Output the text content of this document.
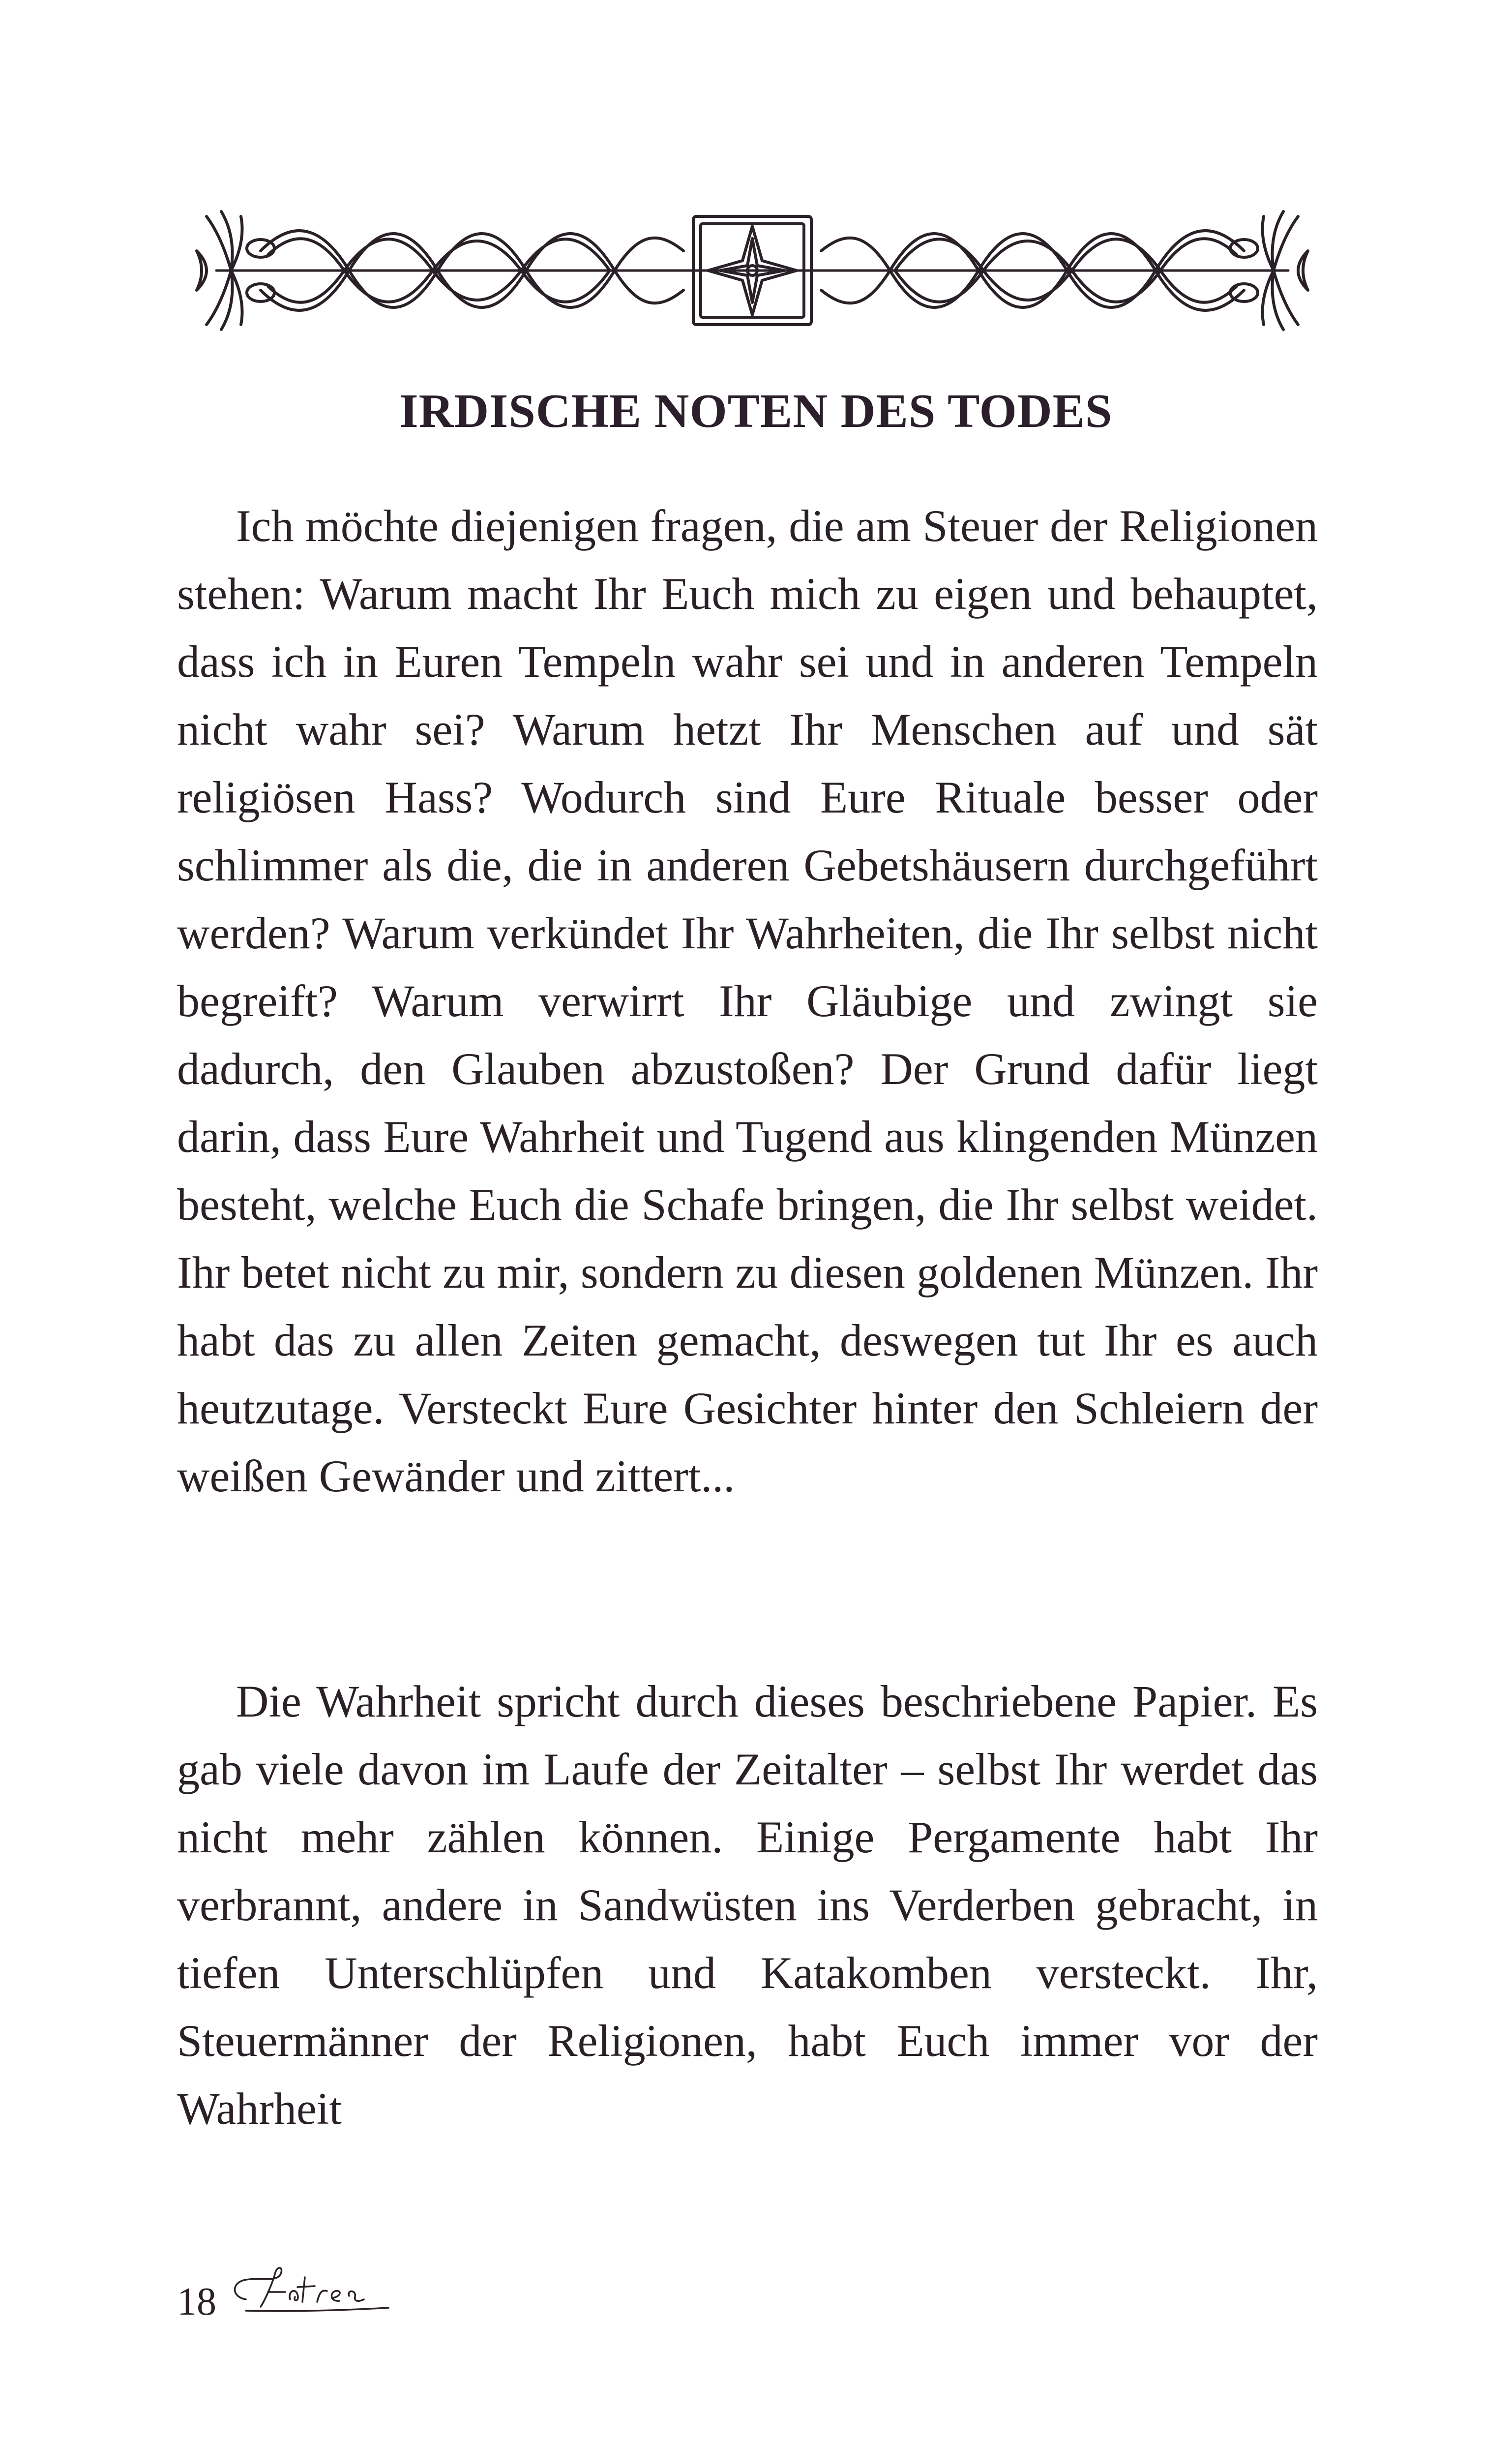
IRDISCHE NOTEN DES TODES

Ich möchte diejenigen fragen, die am Steuer der Religionen stehen: Warum macht Ihr Euch mich zu eigen und behauptet, dass ich in Euren Tempeln wahr sei und in anderen Tempeln nicht wahr sei? Warum hetzt Ihr Menschen auf und sät religiösen Hass? Wodurch sind Eure Rituale besser oder schlimmer als die, die in anderen Gebetshäusern durchgeführt werden? Warum verkündet Ihr Wahrheiten, die Ihr selbst nicht begreift? Warum verwirrt Ihr Gläubige und zwingt sie dadurch, den Glauben abzustoßen? Der Grund dafür liegt darin, dass Eure Wahrheit und Tugend aus klingenden Münzen besteht, welche Euch die Schafe bringen, die Ihr selbst weidet. Ihr betet nicht zu mir, sondern zu diesen goldenen Münzen. Ihr habt das zu allen Zeiten gemacht, deswegen tut Ihr es auch heutzutage. Versteckt Eure Gesichter hinter den Schleiern der weißen Gewänder und zittert...

Die Wahrheit spricht durch dieses beschriebene Papier. Es gab viele davon im Laufe der Zeitalter – selbst Ihr werdet das nicht mehr zählen können. Einige Pergamente habt Ihr verbrannt, andere in Sandwüsten ins Verderben gebracht, in tiefen Unterschlüpfen und Katakomben versteckt. Ihr, Steuermänner der Religionen, habt Euch immer vor der Wahrheit

18
